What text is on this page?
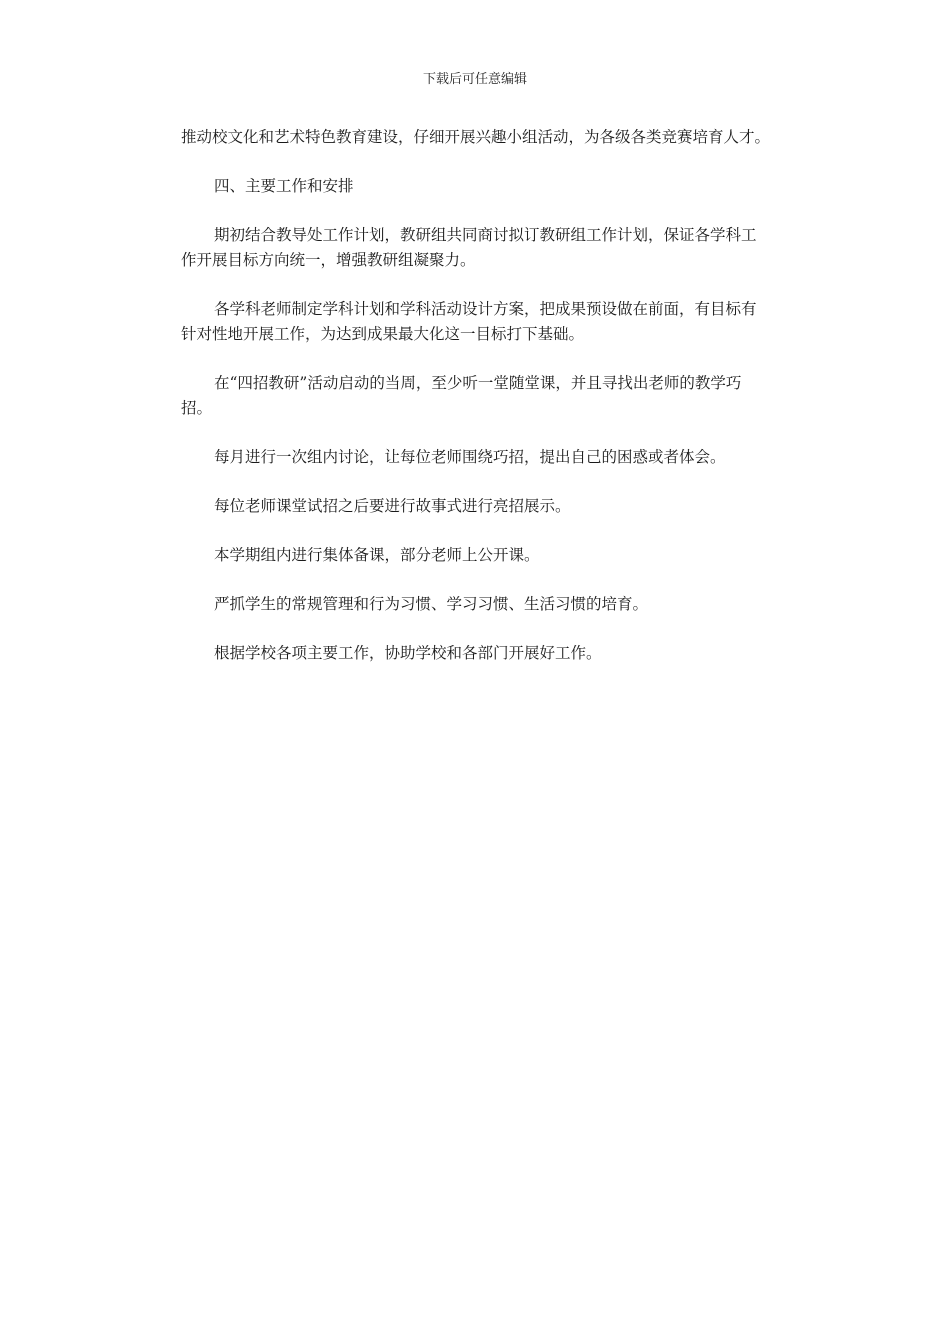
下载后可任意编辑

推动校文化和艺术特色教育建设，仔细开展兴趣小组活动，为各级各类竞赛培育人才。

四、主要工作和安排

期初结合教导处工作计划，教研组共同商讨拟订教研组工作计划，保证各学科工作开展目标方向统一，增强教研组凝聚力。

各学科老师制定学科计划和学科活动设计方案，把成果预设做在前面，有目标有针对性地开展工作，为达到成果最大化这一目标打下基础。

在“四招教研”活动启动的当周，至少听一堂随堂课，并且寻找出老师的教学巧招。

每月进行一次组内讨论，让每位老师围绕巧招，提出自己的困惑或者体会。

每位老师课堂试招之后要进行故事式进行亮招展示。

本学期组内进行集体备课，部分老师上公开课。

严抓学生的常规管理和行为习惯、学习习惯、生活习惯的培育。

根据学校各项主要工作，协助学校和各部门开展好工作。
